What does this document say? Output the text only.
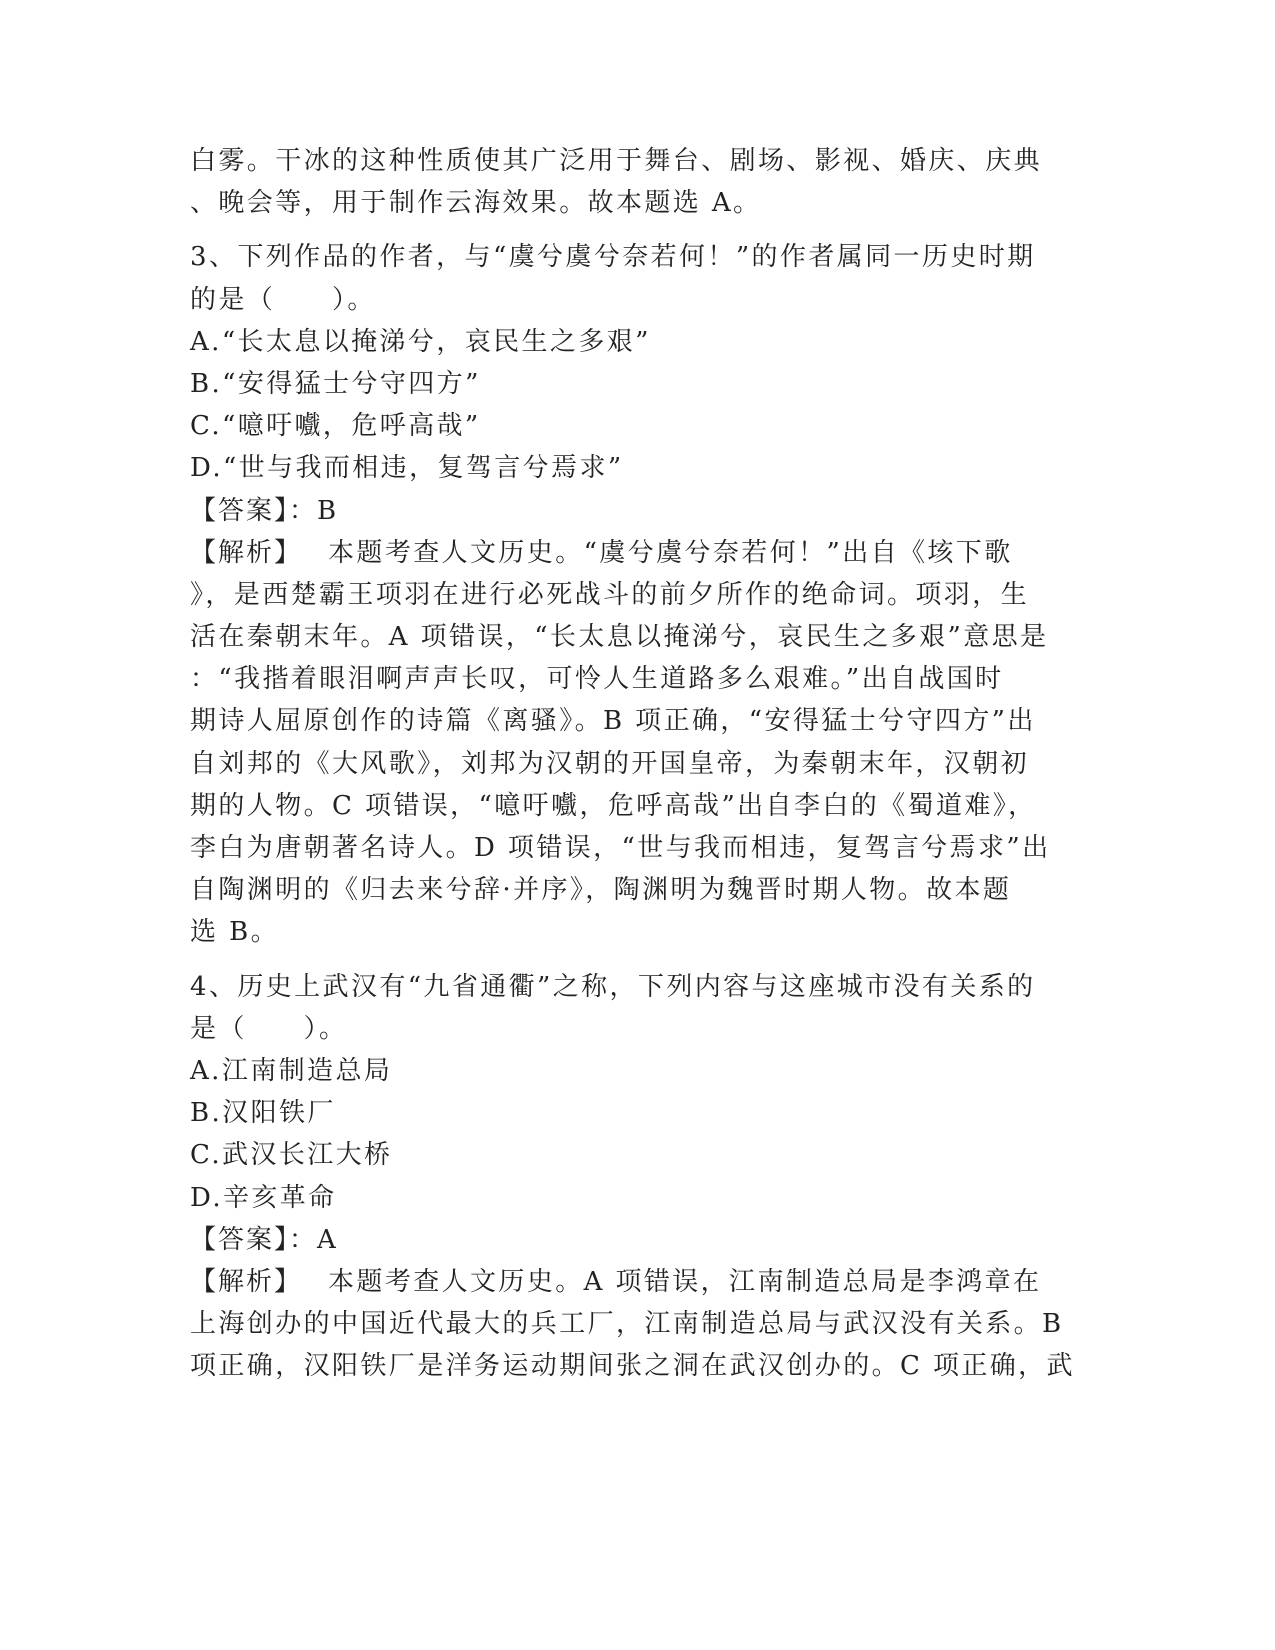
白雾。干冰的这种性质使其广泛用于舞台、剧场、影视、婚庆、庆典
、晚会等，用于制作云海效果。故本题选 A。
3、下列作品的作者，与“虞兮虞兮奈若何！”的作者属同一历史时期
的是（　　）。
A.“长太息以掩涕兮，哀民生之多艰”
B.“安得猛士兮守四方”
C.“噫吁嚱，危呼高哉”
D.“世与我而相违，复驾言兮焉求”
【答案】：B
【解析】 本题考查人文历史。“虞兮虞兮奈若何！”出自《垓下歌
》，是西楚霸王项羽在进行必死战斗的前夕所作的绝命词。项羽，生
活在秦朝末年。A 项错误，“长太息以掩涕兮，哀民生之多艰”意思是
：“我揩着眼泪啊声声长叹，可怜人生道路多么艰难。”出自战国时
期诗人屈原创作的诗篇《离骚》。B 项正确，“安得猛士兮守四方”出
自刘邦的《大风歌》，刘邦为汉朝的开国皇帝，为秦朝末年，汉朝初
期的人物。C 项错误，“噫吁嚱，危呼高哉”出自李白的《蜀道难》，
李白为唐朝著名诗人。D 项错误，“世与我而相违，复驾言兮焉求”出
自陶渊明的《归去来兮辞·并序》，陶渊明为魏晋时期人物。故本题
选 B。
4、历史上武汉有“九省通衢”之称，下列内容与这座城市没有关系的
是（　　）。
A.江南制造总局
B.汉阳铁厂
C.武汉长江大桥
D.辛亥革命
【答案】：A
【解析】 本题考查人文历史。A 项错误，江南制造总局是李鸿章在
上海创办的中国近代最大的兵工厂，江南制造总局与武汉没有关系。B
项正确，汉阳铁厂是洋务运动期间张之洞在武汉创办的。C 项正确，武
